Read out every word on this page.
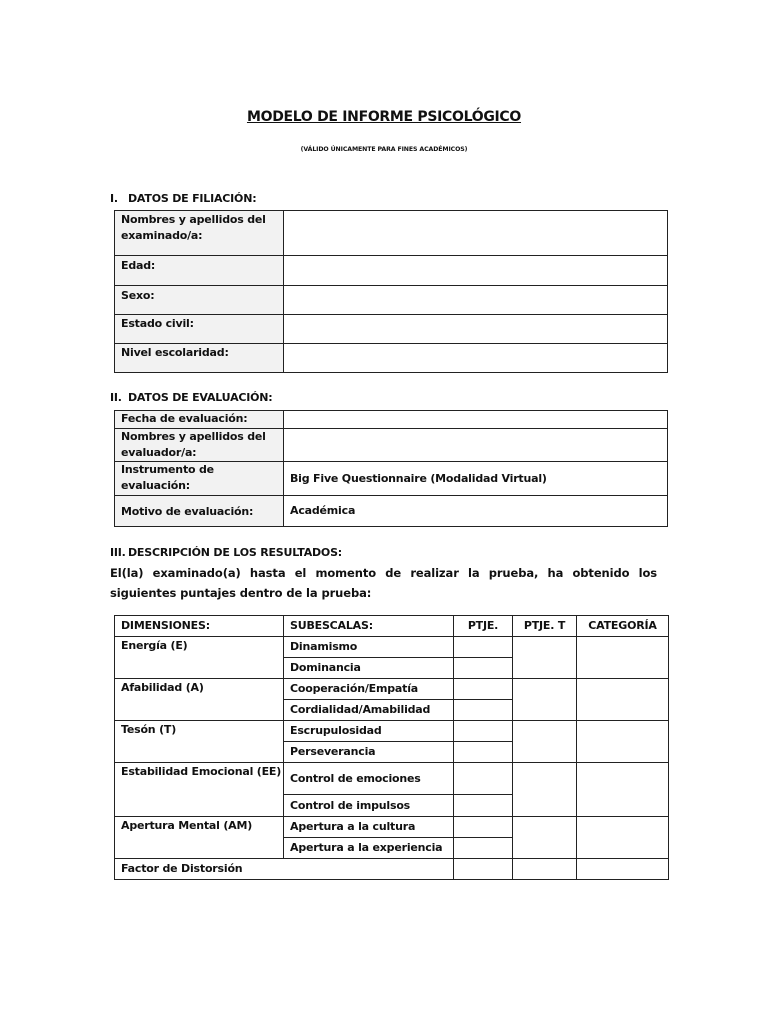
MODELO DE INFORME PSICOLÓGICO
(VÁLIDO ÚNICAMENTE PARA FINES ACADÉMICOS)
I. DATOS DE FILIACIÓN:
Nombres y apellidos del examinado/a:	
Edad:	
Sexo:	
Estado civil:	
Nivel escolaridad:	
II. DATOS DE EVALUACIÓN:
Fecha de evaluación:	
Nombres y apellidos del evaluador/a:	
Instrumento de evaluación:	Big Five Questionnaire (Modalidad Virtual)
Motivo de evaluación:	Académica
III. DESCRIPCIÓN DE LOS RESULTADOS:
El(la) examinado(a) hasta el momento de realizar la prueba, ha obtenido los siguientes puntajes dentro de la prueba:
DIMENSIONES:	SUBESCALAS:	PTJE.	PTJE. T	CATEGORÍA
Energía (E)	Dinamismo			
	Dominancia			
Afabilidad (A)	Cooperación/Empatía			
	Cordialidad/Amabilidad			
Tesón (T)	Escrupulosidad			
	Perseverancia			
Estabilidad Emocional (EE)	Control de emociones			
	Control de impulsos			
Apertura Mental (AM)	Apertura a la cultura			
	Apertura a la experiencia			
Factor de Distorsión				
